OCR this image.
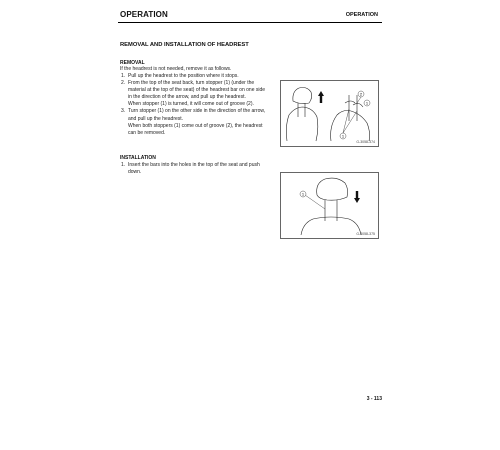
OPERATION	OPERATION
REMOVAL AND INSTALLATION OF HEADREST
REMOVAL
If the headrest is not needed, remove it as follows.
1. Pull up the headrest to the position where it stops.
2. From the top of the seat back, turn stopper (1) (under the
material at the top of the seat) of the headrest bar on one side
in the direction of the arrow, and pull up the headrest.
When stopper (1) is turned, it will come out of groove (2).
3. Turn stopper (1) on the other side in the direction of the arrow,
and pull up the headrest.
When both stoppers (1) come out of groove (2), the headrest
can be removed.
INSTALLATION
1. Insert the bars into the holes in the top of the seat and push
down.
1
2
1
G-3058-374
1
G-3058-375
3 - 113
